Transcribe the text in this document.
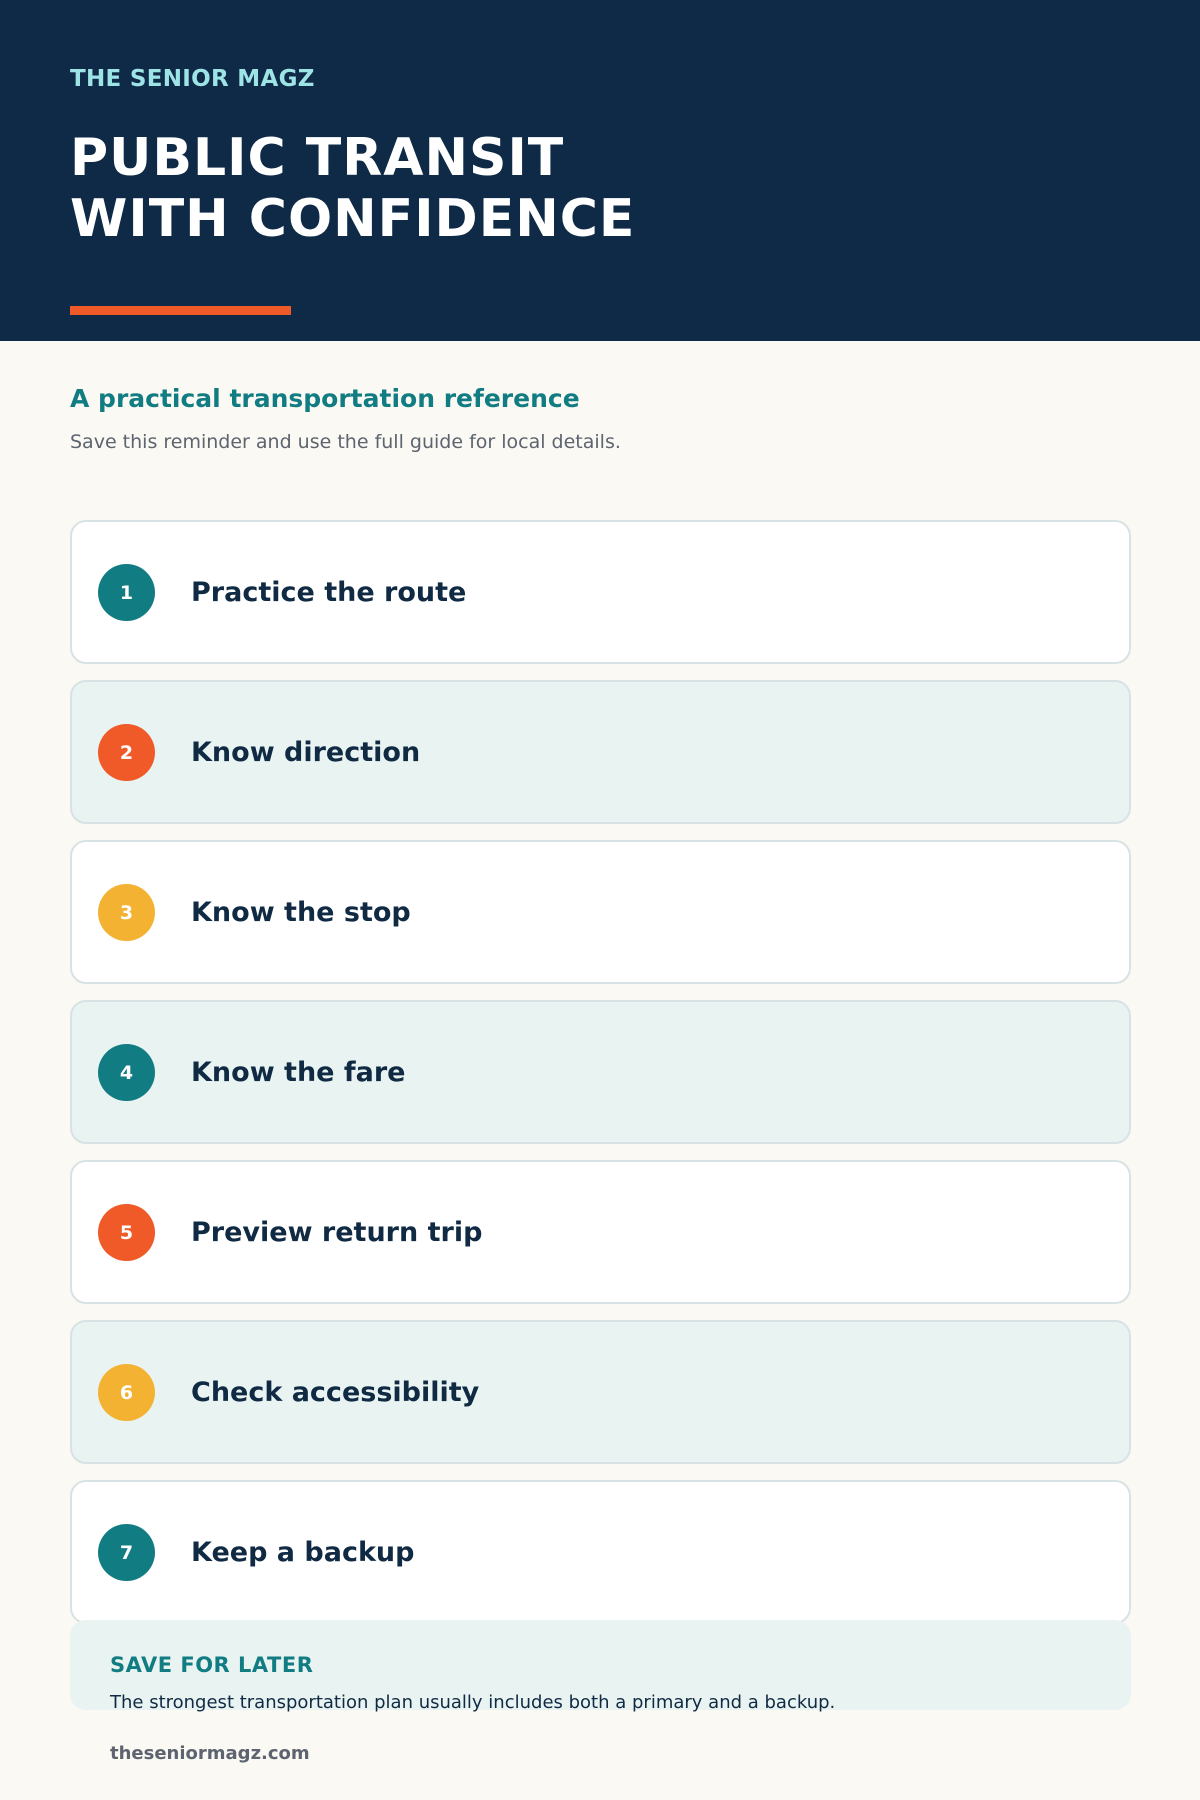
THE SENIOR MAGZ
PUBLIC TRANSIT
WITH CONFIDENCE
A practical transportation reference
Save this reminder and use the full guide for local details.
1	Practice the route
2	Know direction
3	Know the stop
4	Know the fare
5	Preview return trip
6	Check accessibility
7	Keep a backup
SAVE FOR LATER
The strongest transportation plan usually includes both a primary and a backup.
theseniormagz.com
